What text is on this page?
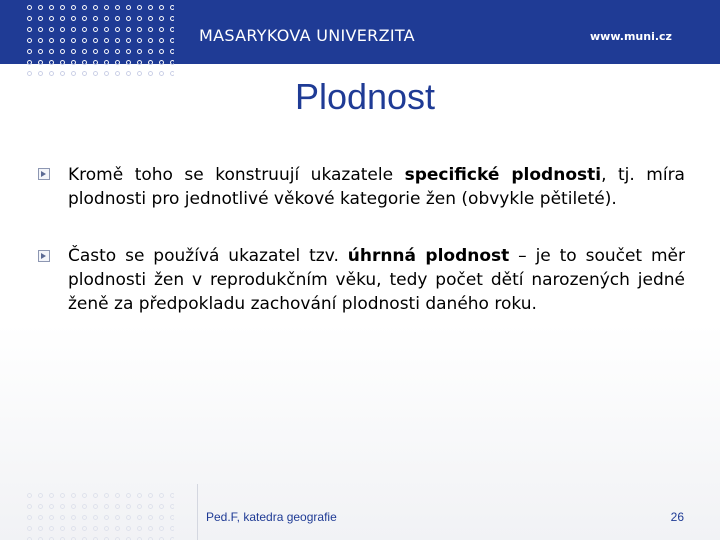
MASARYKOVA UNIVERZITA	www.muni.cz
Plodnost
Kromě toho se konstruují ukazatele specifické plodnosti, tj. míra plodnosti pro jednotlivé věkové kategorie žen (obvykle pětileté).
Často se používá ukazatel tzv. úhrnná plodnost – je to součet měr plodnosti žen v reprodukčním věku, tedy počet dětí narozených jedné ženě za předpokladu zachování plodnosti daného roku.
Ped.F, katedra geografie	26
